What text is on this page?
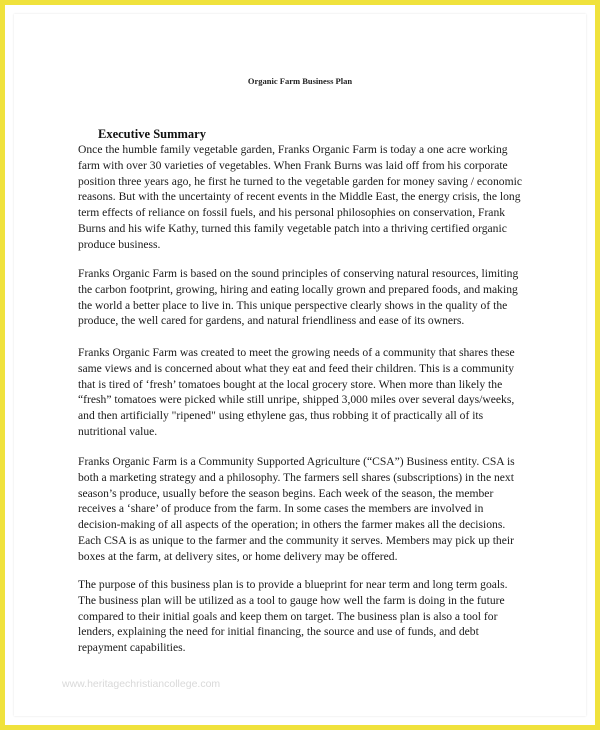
Organic Farm Business Plan
Executive Summary

Once the humble family vegetable garden, Franks Organic Farm is today a one acre working farm with over 30 varieties of vegetables. When Frank Burns was laid off from his corporate position three years ago, he first he turned to the vegetable garden for money saving / economic reasons. But with the uncertainty of recent events in the Middle East, the energy crisis, the long term effects of reliance on fossil fuels, and his personal philosophies on conservation, Frank Burns and his wife Kathy, turned this family vegetable patch into a thriving certified organic produce business.

Franks Organic Farm is based on the sound principles of conserving natural resources, limiting the carbon footprint, growing, hiring and eating locally grown and prepared foods, and making the world a better place to live in. This unique perspective clearly shows in the quality of the produce, the well cared for gardens, and natural friendliness and ease of its owners.

Franks Organic Farm was created to meet the growing needs of a community that shares these same views and is concerned about what they eat and feed their children. This is a community that is tired of ‘fresh’ tomatoes bought at the local grocery store. When more than likely the “fresh” tomatoes were picked while still unripe, shipped 3,000 miles over several days/weeks, and then artificially "ripened" using ethylene gas, thus robbing it of practically all of its nutritional value.

Franks Organic Farm is a Community Supported Agriculture (“CSA”) Business entity. CSA is both a marketing strategy and a philosophy. The farmers sell shares (subscriptions) in the next season’s produce, usually before the season begins. Each week of the season, the member receives a ‘share’ of produce from the farm. In some cases the members are involved in decision-making of all aspects of the operation; in others the farmer makes all the decisions. Each CSA is as unique to the farmer and the community it serves. Members may pick up their boxes at the farm, at delivery sites, or home delivery may be offered.

The purpose of this business plan is to provide a blueprint for near term and long term goals. The business plan will be utilized as a tool to gauge how well the farm is doing in the future compared to their initial goals and keep them on target. The business plan is also a tool for lenders, explaining the need for initial financing, the source and use of funds, and debt repayment capabilities.

www.heritagechristiancollege.com
